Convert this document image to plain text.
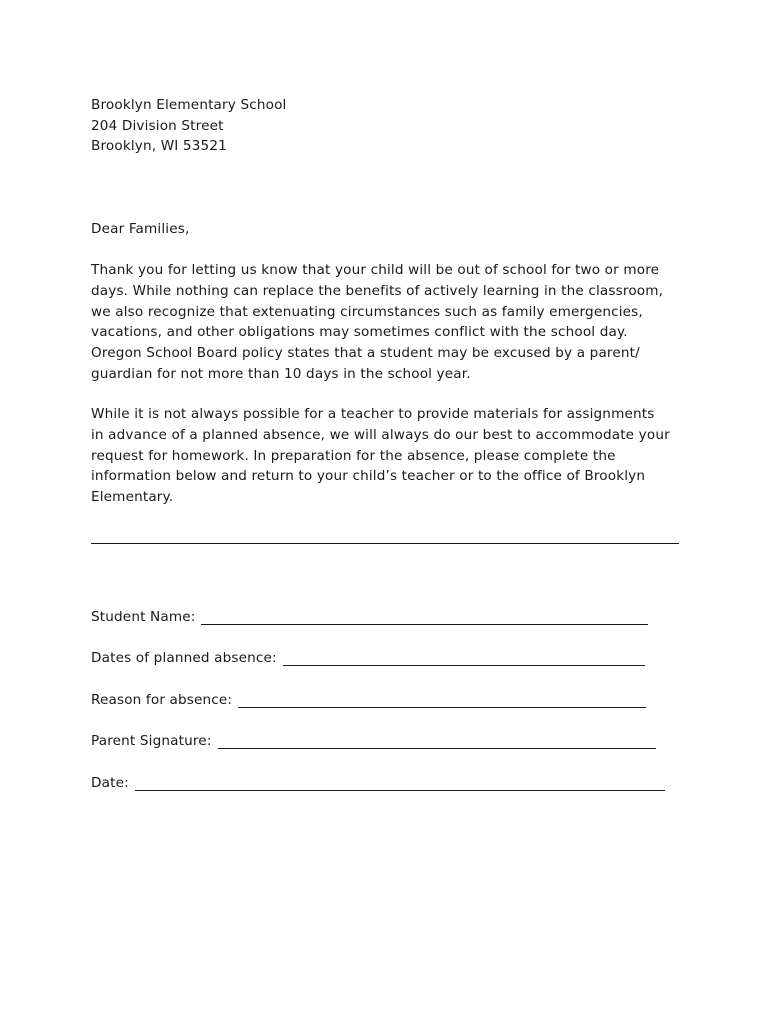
Brooklyn Elementary School
204 Division Street
Brooklyn, WI 53521
Dear Families,
Thank you for letting us know that your child will be out of school for two or more
days. While nothing can replace the benefits of actively learning in the classroom,
we also recognize that extenuating circumstances such as family emergencies,
vacations, and other obligations may sometimes conflict with the school day.
Oregon School Board policy states that a student may be excused by a parent/
guardian for not more than 10 days in the school year.
While it is not always possible for a teacher to provide materials for assignments
in advance of a planned absence, we will always do our best to accommodate your
request for homework. In preparation for the absence, please complete the
information below and return to your child’s teacher or to the office of Brooklyn
Elementary.
Student Name:
Dates of planned absence:
Reason for absence:
Parent Signature:
Date:
